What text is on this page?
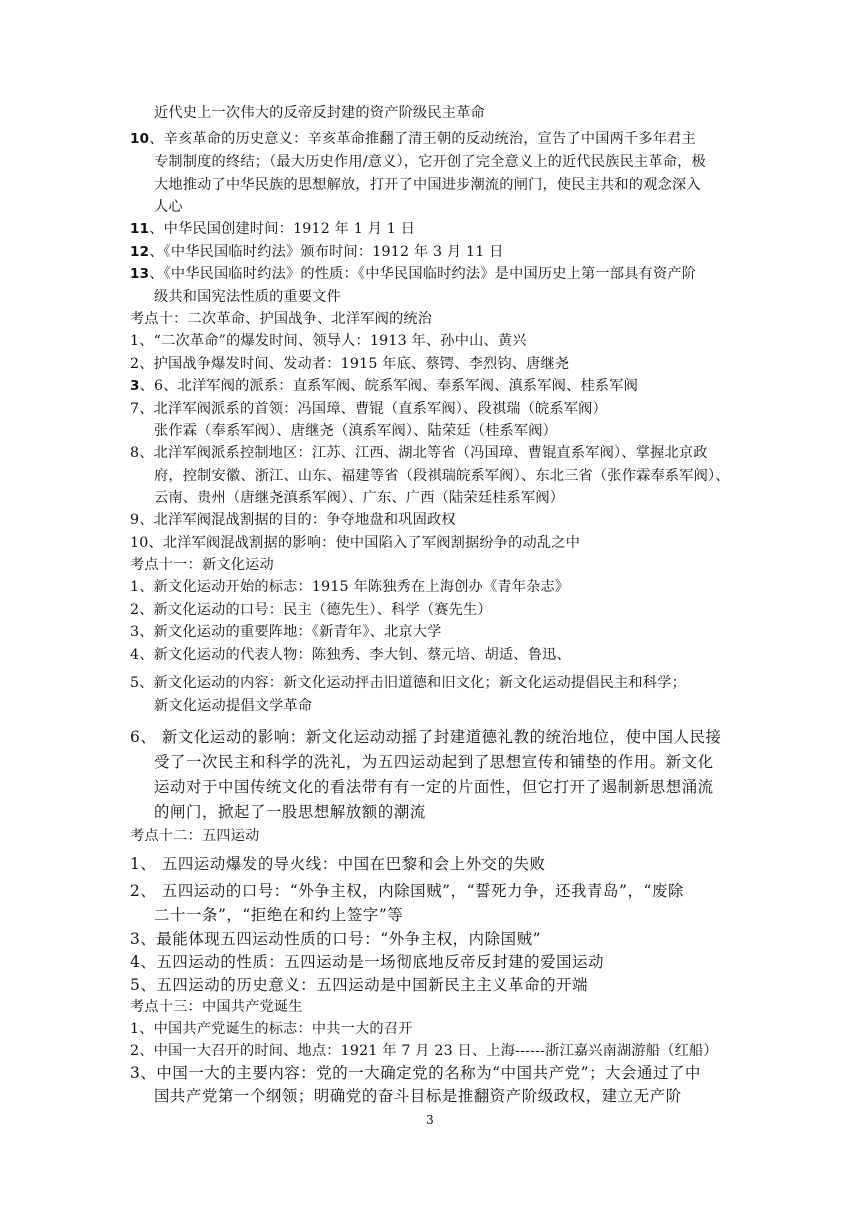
近代史上一次伟大的反帝反封建的资产阶级民主革命
10、辛亥革命的历史意义：辛亥革命推翻了清王朝的反动统治，宣告了中国两千多年君主
专制制度的终结；（最大历史作用/意义），它开创了完全意义上的近代民族民主革命，极
大地推动了中华民族的思想解放，打开了中国进步潮流的闸门，使民主共和的观念深入
人心
11、中华民国创建时间：1912 年 1 月 1 日
12、《中华民国临时约法》颁布时间：1912 年 3 月 11 日
13、《中华民国临时约法》的性质：《中华民国临时约法》是中国历史上第一部具有资产阶
级共和国宪法性质的重要文件
考点十：二次革命、护国战争、北洋军阀的统治
1、“二次革命”的爆发时间、领导人：1913 年、孙中山、黄兴
2、护国战争爆发时间、发动者：1915 年底、蔡锷、李烈钧、唐继尧
3、6、北洋军阀的派系：直系军阀、皖系军阀、奉系军阀、滇系军阀、桂系军阀
7、北洋军阀派系的首领：冯国璋、曹锟（直系军阀）、段祺瑞（皖系军阀）
张作霖（奉系军阀）、唐继尧（滇系军阀）、陆荣廷（桂系军阀）
8、北洋军阀派系控制地区：江苏、江西、湖北等省（冯国璋、曹锟直系军阀）、掌握北京政
府，控制安徽、浙江、山东、福建等省（段祺瑞皖系军阀）、东北三省（张作霖奉系军阀）、
云南、贵州（唐继尧滇系军阀）、广东、广西（陆荣廷桂系军阀）
9、北洋军阀混战割据的目的：争夺地盘和巩固政权
10、北洋军阀混战割据的影响：使中国陷入了军阀割据纷争的动乱之中
考点十一：新文化运动
1、新文化运动开始的标志：1915 年陈独秀在上海创办《青年杂志》
2、新文化运动的口号：民主（德先生）、科学（赛先生）
3、新文化运动的重要阵地：《新青年》、北京大学
4、新文化运动的代表人物：陈独秀、李大钊、蔡元培、胡适、鲁迅、
5、新文化运动的内容：新文化运动抨击旧道德和旧文化；新文化运动提倡民主和科学；
新文化运动提倡文学革命
6、 新文化运动的影响：新文化运动动摇了封建道德礼教的统治地位，使中国人民接
受了一次民主和科学的洗礼，为五四运动起到了思想宣传和铺垫的作用。新文化
运动对于中国传统文化的看法带有有一定的片面性，但它打开了遏制新思想涌流
的闸门，掀起了一股思想解放额的潮流
考点十二：五四运动
1、 五四运动爆发的导火线：中国在巴黎和会上外交的失败
2、 五四运动的口号：“外争主权，内除国贼”，“誓死力争，还我青岛”，“废除
二十一条”，“拒绝在和约上签字”等
3、最能体现五四运动性质的口号：“外争主权，内除国贼”
4、五四运动的性质：五四运动是一场彻底地反帝反封建的爱国运动
5、五四运动的历史意义：五四运动是中国新民主主义革命的开端
考点十三：中国共产党诞生
1、中国共产党诞生的标志：中共一大的召开
2、中国一大召开的时间、地点：1921 年 7 月 23 日、上海------浙江嘉兴南湖游船（红船）
3、中国一大的主要内容：党的一大确定党的名称为“中国共产党”；大会通过了中
国共产党第一个纲领；明确党的奋斗目标是推翻资产阶级政权，建立无产阶
3
